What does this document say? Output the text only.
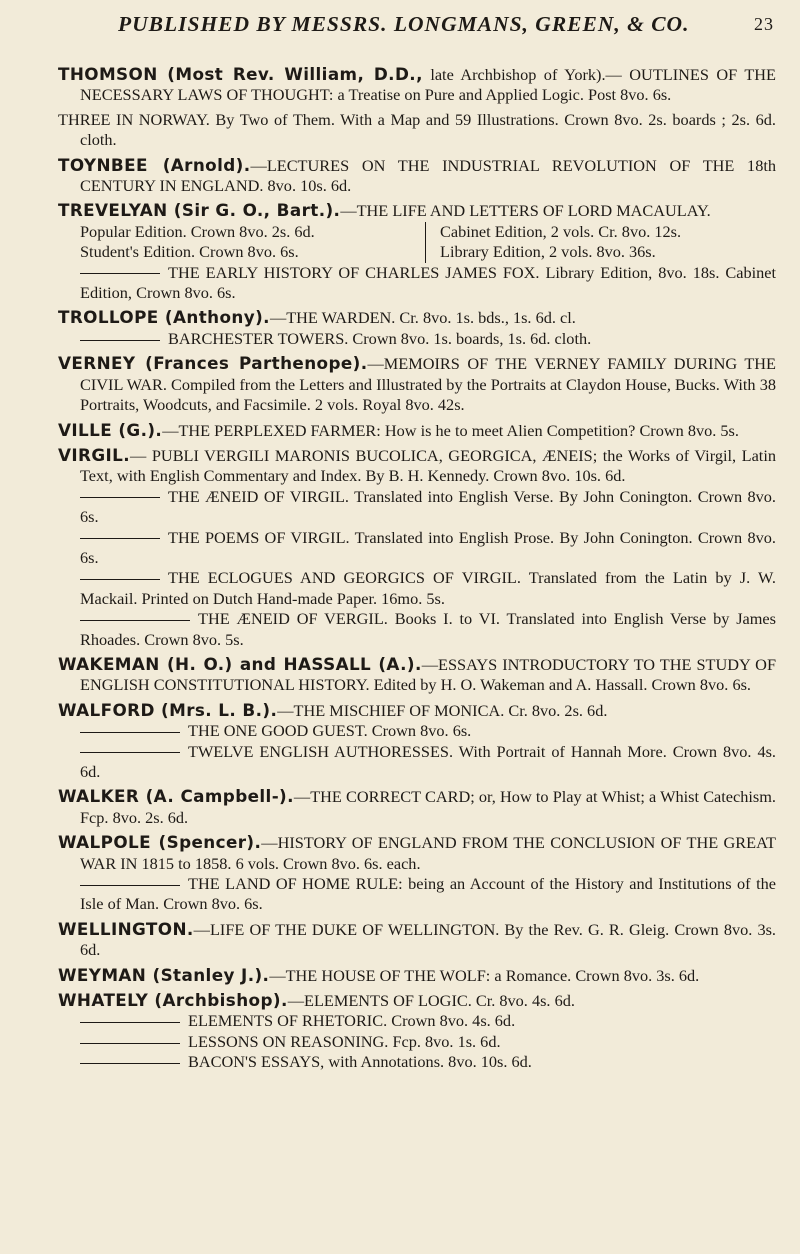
PUBLISHED BY MESSRS. LONGMANS, GREEN, & CO.	23
THOMSON (Most Rev. William, D.D., late Archbishop of York).— OUTLINES OF THE NECESSARY LAWS OF THOUGHT: a Treatise on Pure and Applied Logic. Post 8vo. 6s.
THREE IN NORWAY. By Two of Them. With a Map and 59 Illustrations. Crown 8vo. 2s. boards ; 2s. 6d. cloth.
TOYNBEE (Arnold).—LECTURES ON THE INDUSTRIAL REVOLUTION OF THE 18th CENTURY IN ENGLAND. 8vo. 10s. 6d.
TREVELYAN (Sir G. O., Bart.).—THE LIFE AND LETTERS OF LORD MACAULAY.
Popular Edition. Crown 8vo. 2s. 6d.
Student's Edition. Crown 8vo. 6s.
Cabinet Edition, 2 vols. Cr. 8vo. 12s.
Library Edition, 2 vols. 8vo. 36s.
THE EARLY HISTORY OF CHARLES JAMES FOX. Library Edition, 8vo. 18s. Cabinet Edition, Crown 8vo. 6s.
TROLLOPE (Anthony).—THE WARDEN. Cr. 8vo. 1s. bds., 1s. 6d. cl.
BARCHESTER TOWERS. Crown 8vo. 1s. boards, 1s. 6d. cloth.
VERNEY (Frances Parthenope).—MEMOIRS OF THE VERNEY FAMILY DURING THE CIVIL WAR. Compiled from the Letters and Illustrated by the Portraits at Claydon House, Bucks. With 38 Portraits, Woodcuts, and Facsimile. 2 vols. Royal 8vo. 42s.
VILLE (G.).—THE PERPLEXED FARMER: How is he to meet Alien Competition? Crown 8vo. 5s.
VIRGIL.— PUBLI VERGILI MARONIS BUCOLICA, GEORGICA, ÆNEIS; the Works of Virgil, Latin Text, with English Commentary and Index. By B. H. Kennedy. Crown 8vo. 10s. 6d.
THE ÆNEID OF VIRGIL. Translated into English Verse. By John Conington. Crown 8vo. 6s.
THE POEMS OF VIRGIL. Translated into English Prose. By John Conington. Crown 8vo. 6s.
THE ECLOGUES AND GEORGICS OF VIRGIL. Translated from the Latin by J. W. Mackail. Printed on Dutch Hand-made Paper. 16mo. 5s.
THE ÆNEID OF VERGIL. Books I. to VI. Translated into English Verse by James Rhoades. Crown 8vo. 5s.
WAKEMAN (H. O.) and HASSALL (A.).—ESSAYS INTRODUCTORY TO THE STUDY OF ENGLISH CONSTITUTIONAL HISTORY. Edited by H. O. Wakeman and A. Hassall. Crown 8vo. 6s.
WALFORD (Mrs. L. B.).—THE MISCHIEF OF MONICA. Cr. 8vo. 2s. 6d.
THE ONE GOOD GUEST. Crown 8vo. 6s.
TWELVE ENGLISH AUTHORESSES. With Portrait of Hannah More. Crown 8vo. 4s. 6d.
WALKER (A. Campbell-).—THE CORRECT CARD; or, How to Play at Whist; a Whist Catechism. Fcp. 8vo. 2s. 6d.
WALPOLE (Spencer).—HISTORY OF ENGLAND FROM THE CONCLUSION OF THE GREAT WAR IN 1815 to 1858. 6 vols. Crown 8vo. 6s. each.
THE LAND OF HOME RULE: being an Account of the History and Institutions of the Isle of Man. Crown 8vo. 6s.
WELLINGTON.—LIFE OF THE DUKE OF WELLINGTON. By the Rev. G. R. Gleig. Crown 8vo. 3s. 6d.
WEYMAN (Stanley J.).—THE HOUSE OF THE WOLF: a Romance. Crown 8vo. 3s. 6d.
WHATELY (Archbishop).—ELEMENTS OF LOGIC. Cr. 8vo. 4s. 6d.
ELEMENTS OF RHETORIC. Crown 8vo. 4s. 6d.
LESSONS ON REASONING. Fcp. 8vo. 1s. 6d.
BACON'S ESSAYS, with Annotations. 8vo. 10s. 6d.
